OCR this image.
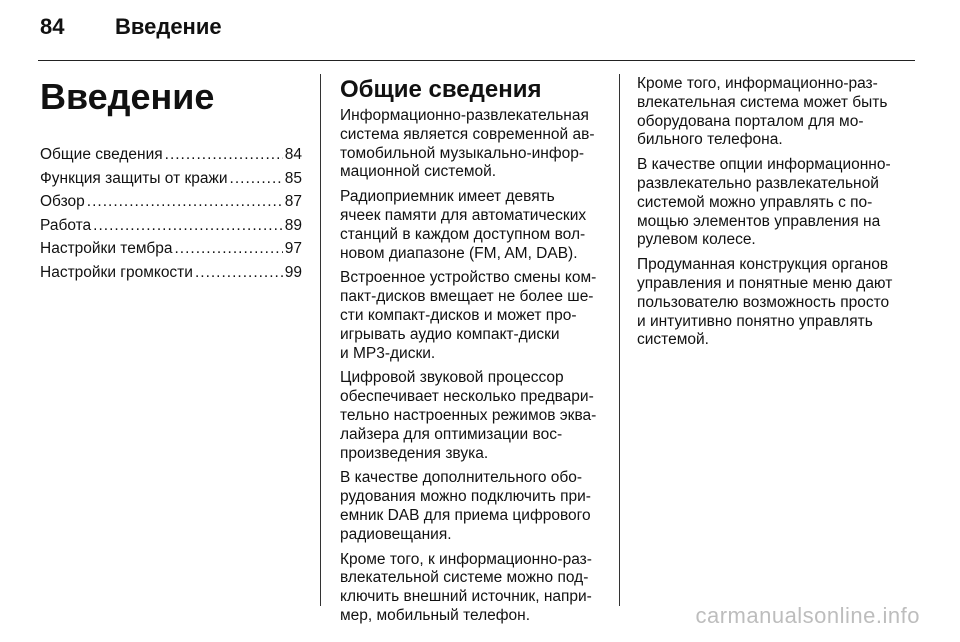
84 Введение
Введение
Общие сведения .....	84
Функция защиты от кражи .....	85
Обзор .....	87
Работа .....	89
Настройки тембра .....	97
Настройки громкости .....	99
Общие сведения

Информационно-развлекательная
система является современной ав-
томобильной музыкально-инфор-
мационной системой.

Радиоприемник имеет девять
ячеек памяти для автоматических
станций в каждом доступном вол-
новом диапазоне (FM, AM, DAB).

Встроенное устройство смены ком-
пакт-дисков вмещает не более ше-
сти компакт-дисков и может про-
игрывать аудио компакт-диски
и MP3-диски.

Цифровой звуковой процессор
обеспечивает несколько предвари-
тельно настроенных режимов эква-
лайзера для оптимизации вос-
произведения звука.

В качестве дополнительного обо-
рудования можно подключить при-
емник DAB для приема цифрового
радиовещания.

Кроме того, к информационно-раз-
влекательной системе можно под-
ключить внешний источник, напри-
мер, мобильный телефон.

Кроме того, информационно-раз-
влекательная система может быть
оборудована порталом для мо-
бильного телефона.

В качестве опции информационно-
развлекательно развлекательной
системой можно управлять с по-
мощью элементов управления на
рулевом колесе.

Продуманная конструкция органов
управления и понятные меню дают
пользователю возможность просто
и интуитивно понятно управлять
системой.

carmanualsonline.info
